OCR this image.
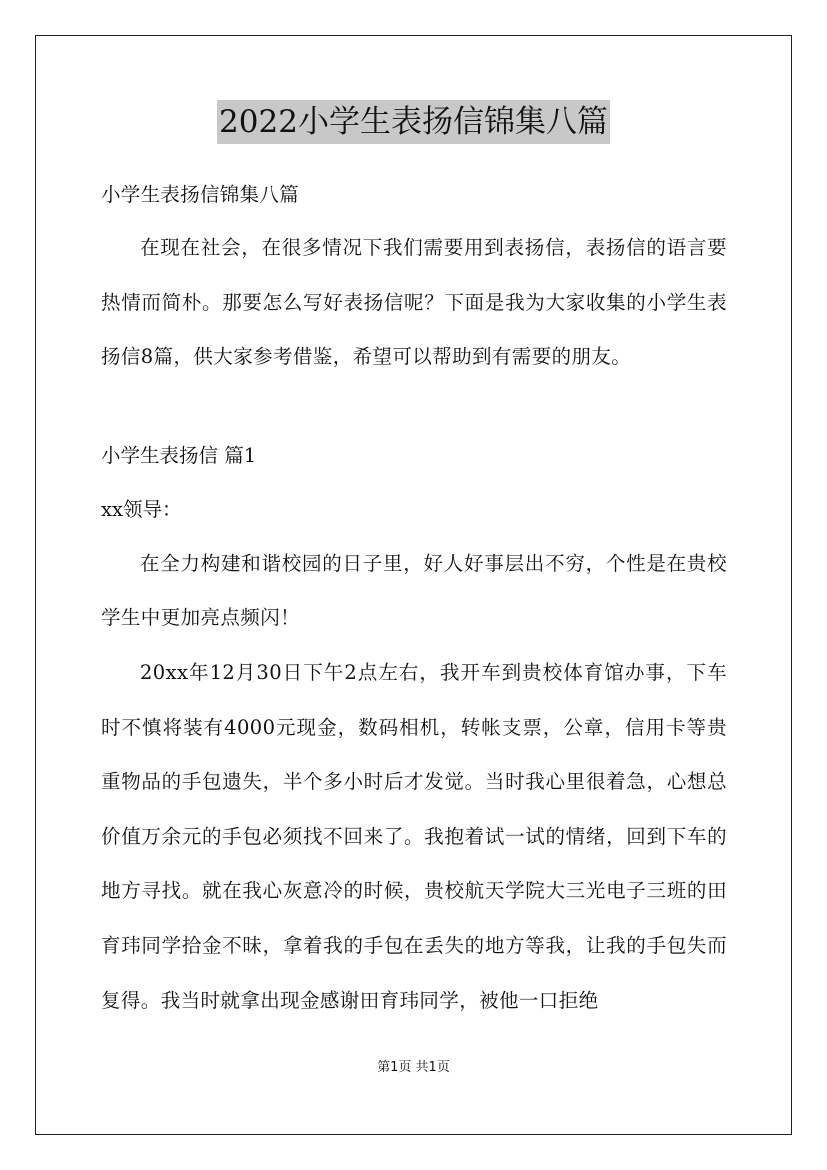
2022小学生表扬信锦集八篇
小学生表扬信锦集八篇

在现在社会，在很多情况下我们需要用到表扬信，表扬信的语言要热情而简朴。那要怎么写好表扬信呢？下面是我为大家收集的小学生表扬信8篇，供大家参考借鉴，希望可以帮助到有需要的朋友。

小学生表扬信 篇1

xx领导：

在全力构建和谐校园的日子里，好人好事层出不穷，个性是在贵校学生中更加亮点频闪！

20xx年12月30日下午2点左右，我开车到贵校体育馆办事，下车时不慎将装有4000元现金，数码相机，转帐支票，公章，信用卡等贵重物品的手包遗失，半个多小时后才发觉。当时我心里很着急，心想总价值万余元的手包必须找不回来了。我抱着试一试的情绪，回到下车的地方寻找。就在我心灰意冷的时候，贵校航天学院大三光电子三班的田育玮同学拾金不昧，拿着我的手包在丢失的地方等我，让我的手包失而复得。我当时就拿出现金感谢田育玮同学，被他一口拒绝

第1页 共1页
